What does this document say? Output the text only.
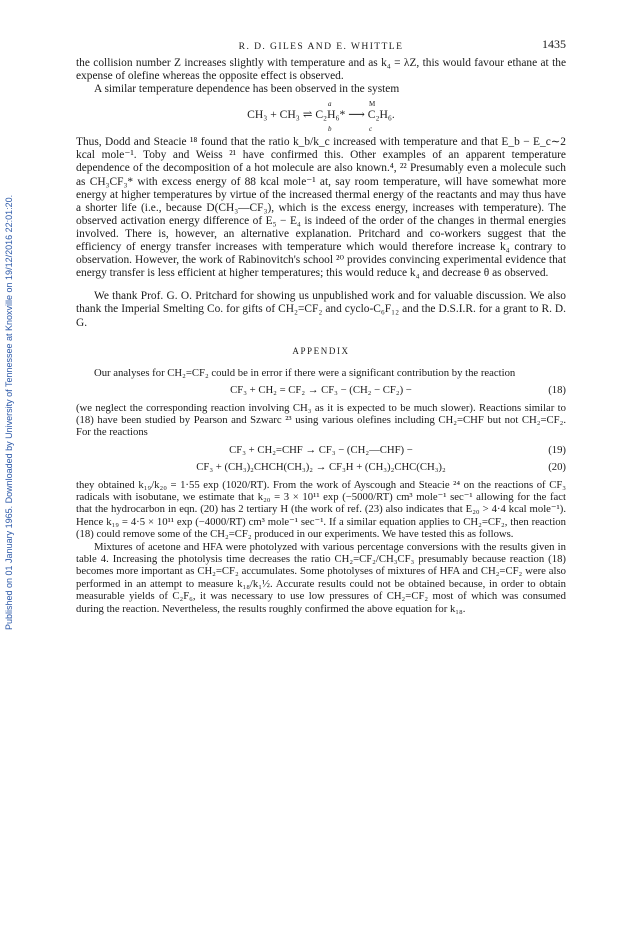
Published on 01 January 1965. Downloaded by University of Tennessee at Knoxville on 19/12/2016 22:01:20.
R. D. GILES AND E. WHITTLE	1435

the collision number Z increases slightly with temperature and as k₄ = λZ, this would favour ethane at the expense of olefine whereas the opposite effect is observed.

A similar temperature dependence has been observed in the system

a	M
CH₃ + CH₃ ⇌ C₂H₆* ⟶ C₂H₆.
b	c

Thus, Dodd and Steacie ¹⁸ found that the ratio k_b/k_c increased with temperature and that E_b − E_c∼2 kcal mole⁻¹. Toby and Weiss ²¹ have confirmed this. Other examples of an apparent temperature dependence of the decomposition of a hot molecule are also known.⁴, ²² Presumably even a molecule such as CH₃CF₃* with excess energy of 88 kcal mole⁻¹ at, say room temperature, will have somewhat more energy at higher temperatures by virtue of the increased thermal energy of the reactants and may thus have a shorter life (i.e., because D(CH₃—CF₃), which is the excess energy, increases with temperature). The observed activation energy difference of E₅ − E₄ is indeed of the order of the changes in thermal energies involved. There is, however, an alternative explanation. Pritchard and co-workers suggest that the efficiency of energy transfer increases with temperature which would therefore increase k₄ contrary to observation. However, the work of Rabinovitch's school ²⁰ provides convincing experimental evidence that energy transfer is less efficient at higher temperatures; this would reduce k₄ and decrease θ as observed.

We thank Prof. G. O. Pritchard for showing us unpublished work and for valuable discussion. We also thank the Imperial Smelting Co. for gifts of CH₂=CF₂ and cyclo-C₆F₁₂ and the D.S.I.R. for a grant to R. D. G.

APPENDIX

Our analyses for CH₂=CF₂ could be in error if there were a significant contribution by the reaction

CF₃ + CH₂ = CF₂ → CF₃ − (CH₂ − CF₂) −	(18)

(we neglect the corresponding reaction involving CH₃ as it is expected to be much slower). Reactions similar to (18) have been studied by Pearson and Szwarc ²³ using various olefines including CH₂=CHF but not CH₂=CF₂. For the reactions

CF₃ + CH₂=CHF → CF₃ − (CH₂—CHF) −	(19)
CF₃ + (CH₃)₂CHCH(CH₃)₂ → CF₃H + (CH₃)₂CHC(CH₃)₂	(20)

they obtained k₁₉/k₂₀ = 1·55 exp (1020/RT). From the work of Ayscough and Steacie ²⁴ on the reactions of CF₃ radicals with isobutane, we estimate that k₂₀ = 3 × 10¹¹ exp (−5000/RT) cm³ mole⁻¹ sec⁻¹ allowing for the fact that the hydrocarbon in eqn. (20) has 2 tertiary H (the work of ref. (23) also indicates that E₂₀ > 4·4 kcal mole⁻¹). Hence k₁₉ = 4·5 × 10¹¹ exp (−4000/RT) cm³ mole⁻¹ sec⁻¹. If a similar equation applies to CH₂=CF₂, then reaction (18) could remove some of the CH₂=CF₂ produced in our experiments. We have tested this as follows.

Mixtures of acetone and HFA were photolyzed with various percentage conversions with the results given in table 4. Increasing the photolysis time decreases the ratio CH₂=CF₂/CH₃CF₃ presumably because reaction (18) becomes more important as CH₂=CF₂ accumulates. Some photolyses of mixtures of HFA and CH₂=CF₂ were also performed in an attempt to measure k₁₈/k₁½. Accurate results could not be obtained because, in order to obtain measurable yields of C₂F₆, it was necessary to use low pressures of CH₂=CF₂ most of which was consumed during the reaction. Nevertheless, the results roughly confirmed the above equation for k₁₈.
